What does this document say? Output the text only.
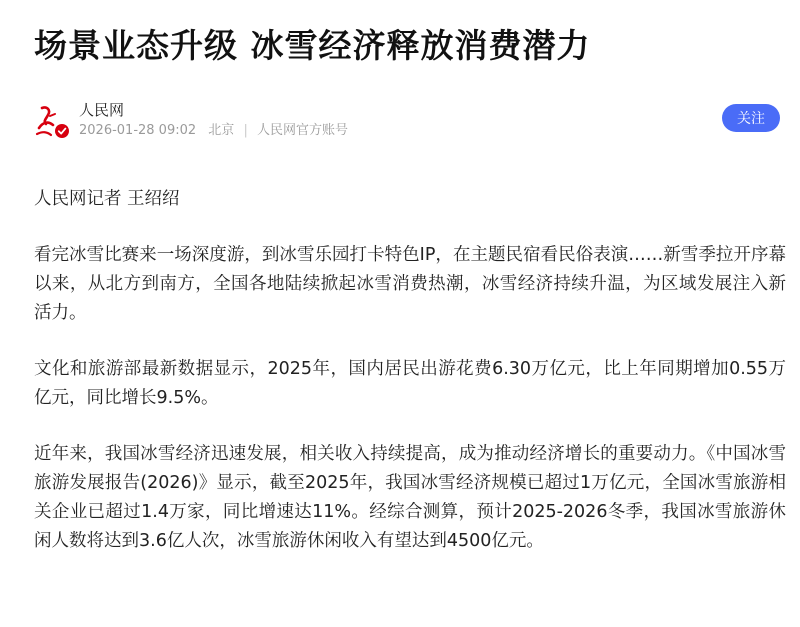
场景业态升级 冰雪经济释放消费潜力
人民网
2026-01-28 09:02 北京 | 人民网官方账号
关注

人民网记者 王绍绍

看完冰雪比赛来一场深度游，到冰雪乐园打卡特色IP，在主题民宿看民俗表演……新雪季拉开序幕以来，从北方到南方，全国各地陆续掀起冰雪消费热潮，冰雪经济持续升温，为区域发展注入新活力。

文化和旅游部最新数据显示，2025年，国内居民出游花费6.30万亿元，比上年同期增加0.55万亿元，同比增长9.5%。

近年来，我国冰雪经济迅速发展，相关收入持续提高，成为推动经济增长的重要动力。《中国冰雪旅游发展报告(2026)》显示，截至2025年，我国冰雪经济规模已超过1万亿元，全国冰雪旅游相关企业已超过1.4万家，同比增速达11%。经综合测算，预计2025-2026冬季，我国冰雪旅游休闲人数将达到3.6亿人次，冰雪旅游休闲收入有望达到4500亿元。
